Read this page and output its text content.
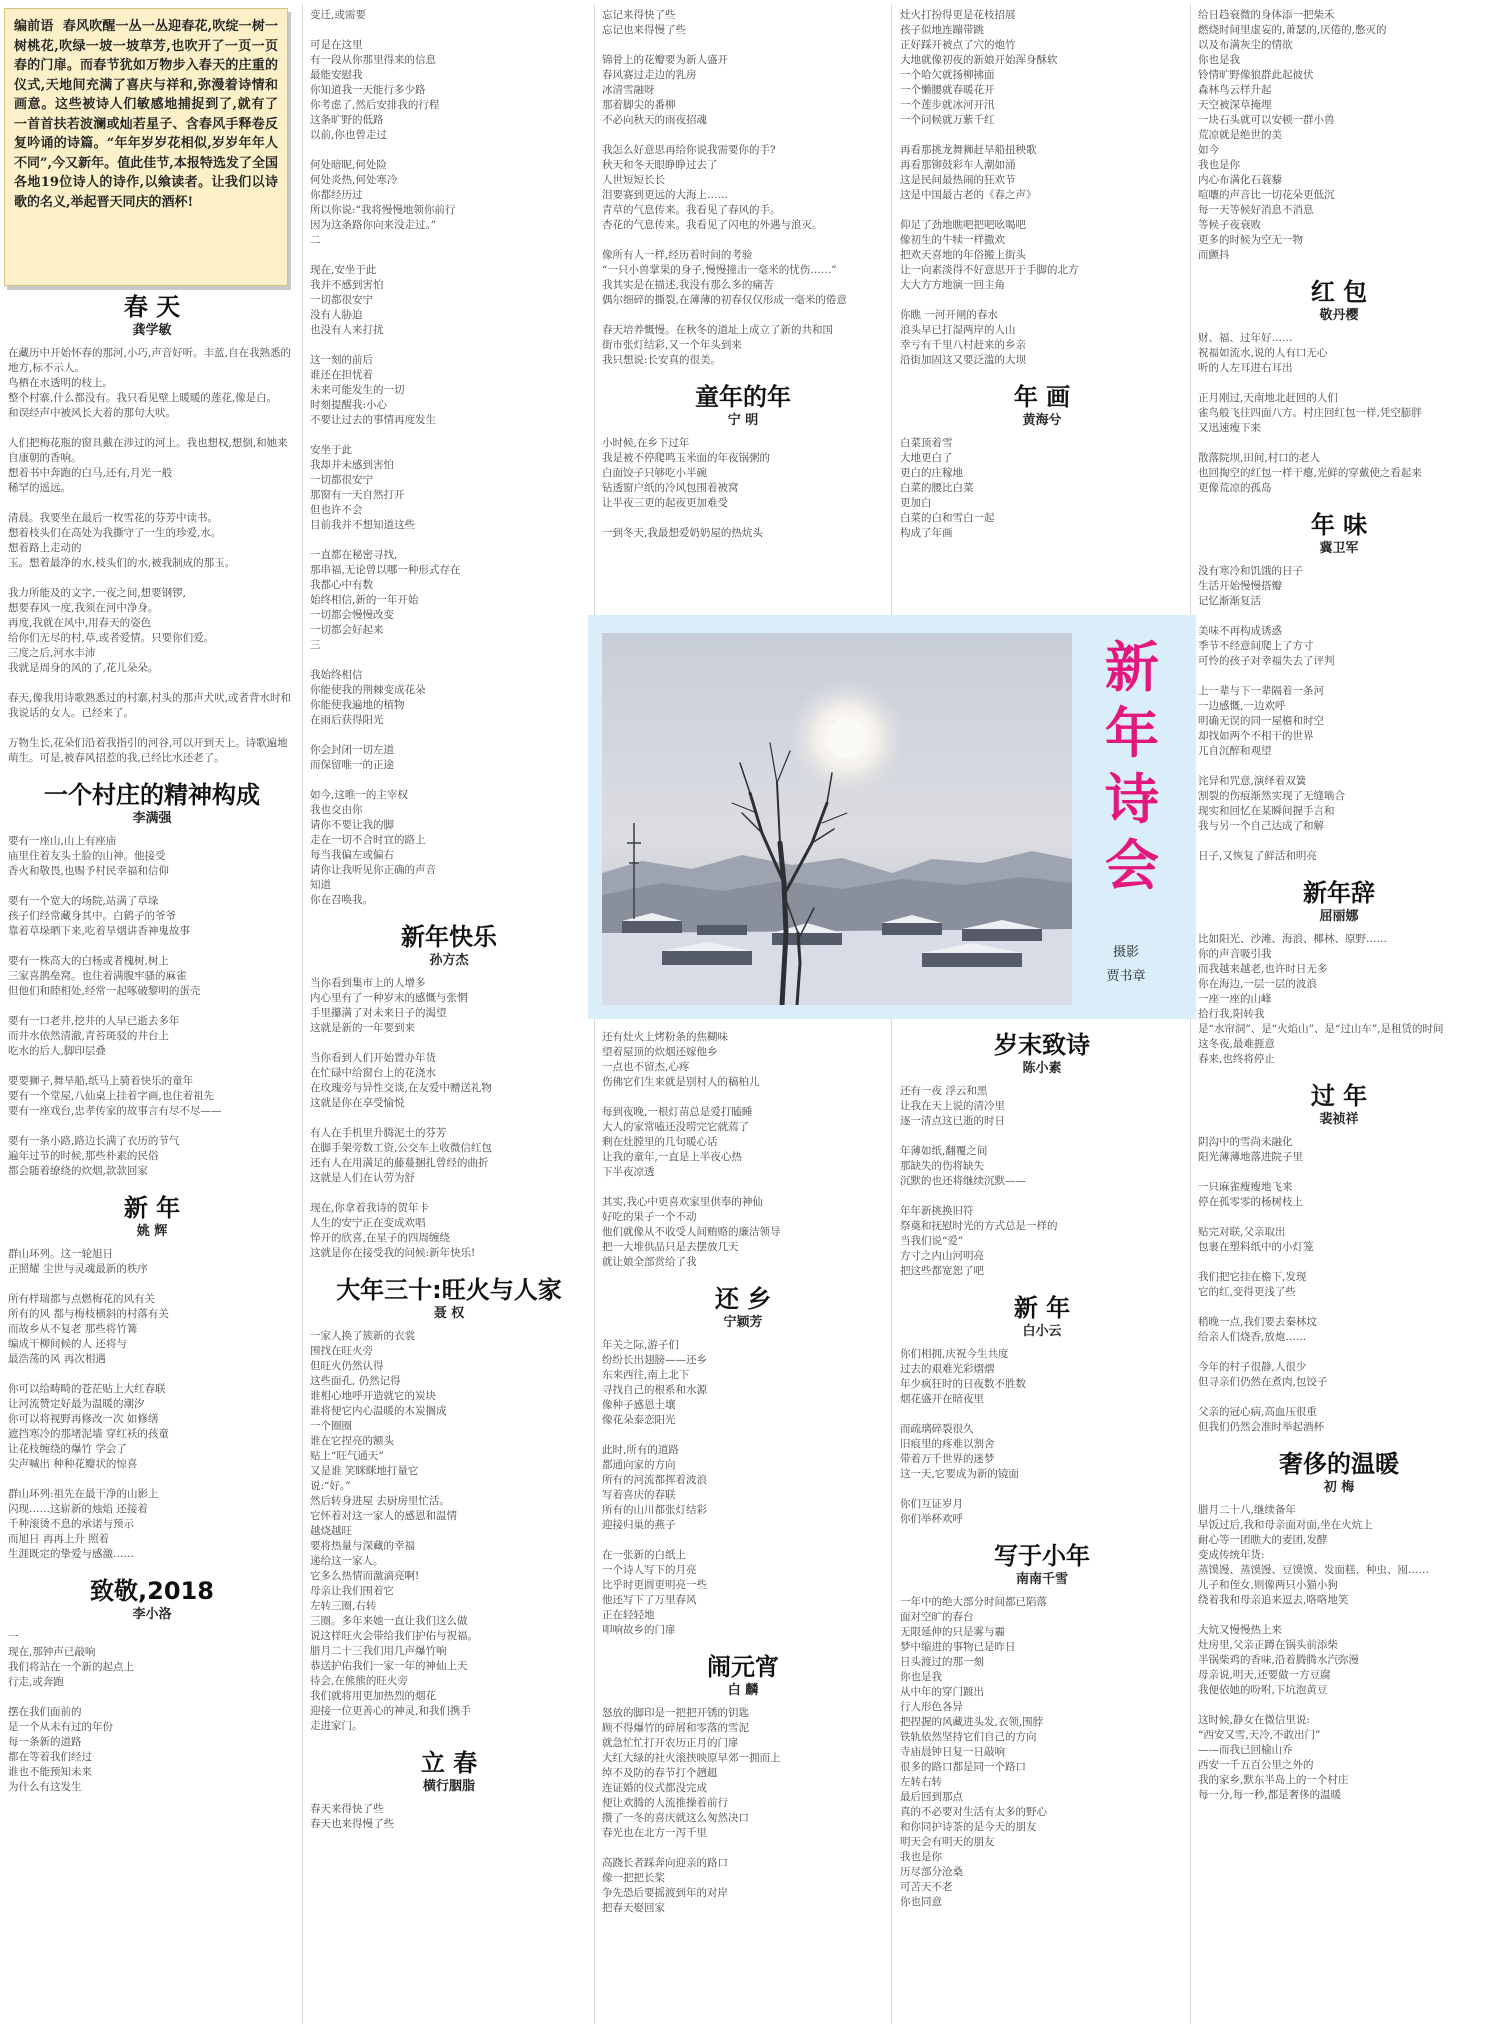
编前语 春风吹醒一丛一丛迎春花,吹绽一树一树桃花,吹绿一坡一坡草芳,也吹开了一页一页春的门扉。而春节犹如万物步入春天的庄重的仪式,天地间充满了喜庆与祥和,弥漫着诗情和画意。这些被诗人们敏感地捕捉到了,就有了一首首扶若波澜或灿若星子、含春风手释卷反复吟诵的诗篇。“年年岁岁花相似,岁岁年年人不同”,今又新年。值此佳节,本报特选发了全国各地19位诗人的诗作,以飨读者。让我们以诗歌的名义,举起晋天同庆的酒杯!
春 天
龚学敏

在藏历中开始怀春的那河,小巧,声音好听。丰蓝,自在我熟悉的地方,标不示人。
鸟栖在水透明的枝上。
整个村寨,什么都没有。我只看见壁上暖暖的莲花,像是白。
和误经声中被风长大着的那句大吠。

人们把梅花瓶的窗具戴在涉过的河上。我也想权,想倒,和她来自康朝的香响。
想着书中奔跑的白马,还有,月光一般
稀罕的遥远。

清晨。我要坐在最后一枚雪花的芬芳中读书。
想着枝头们在高处为我撕守了一生的珍爱,水。
想着路上走动的
玉。想着最净的水,枝头们的水,被我制成的那玉。

我力所能及的文字,一夜之间,想要钢锣,
想要春风一度,我须在河中净身。
再度,我就在风中,用春天的姿色
给你们无尽的村,草,或者爱情。只要你们爱。
三度之后,河水丰沛
我就是周身的风的了,花儿朵朵。

春天,像我用诗歌熟悉过的村寨,村头的那声犬吠,或者背水时和我说话的女人。已经来了。

万物生长,花朵们沿着我指引的河谷,可以开到天上。诗歌遍地萌生。可是,被春风招惹的我,已经比水还老了。

一个村庄的精神构成
李满强

要有一座山,山上有座庙
庙里住着友头土脸的山神。他接受
香火和敬畏,也赐予村民幸福和信仰

要有一个宽大的场院,站满了草垛
孩子们经常藏身其中。白鹤子的爷爷
靠着草垛晒下来,吃着旱烟讲香神鬼故事

要有一株高大的白杨或者槐树,树上
三家喜鹊垒窝。也住着满腹牢骚的麻雀
但他们和睦相处,经常一起啄破黎明的蛋壳

要有一口老井,挖井的人早已逝去多年
而井水依然清澈,青苔斑驳的井台上
吃水的后人,脚印层叠

要要狮子,舞旱船,纸马上骑着快乐的童年
要有一个堂屋,八仙桌上挂着字画,也住着祖先
要有一座戏台,忠孝传家的故事言有尽不尽——

要有一条小路,路边长满了衣历的节气
遍年过节的时候,那些朴素的民俗
都会随着缭绕的炊烟,款款回家

新 年
姚 辉

群山环列。这一轮旭日
正照耀 尘世与灵魂最新的秩序

所有样瑞都与点燃梅花的风有关
所有的风 都与梅枝横斜的村落有关
而故乡从不复老 那些将竹篝
编成干柳间候的人 还将与
最浩荡的风 再次相遇

你可以给畴畸的苍茫贴上大红春联
让河流赞定好最为温暖的潮汐
你可以将视野再修改一次 如修缮
遮挡寒冷的那堵泥墙 穿红袄的孩童
让花枝缠绕的爆竹 学会了
尖声喊出 种种花瓣状的惊喜

群山环列:祖先在最干净的山影上
闪现……这崭新的烛焰 还接着
千种滚烫不息的承诺与预示
而旭日 再再上升 照着
生涯既定的挚爱与感激……

致敬,2018
李小洛

一
现在,那钟声已敲响
我们将站在一个新的起点上
行走,或奔跑

摆在我们面前的
是一个从未有过的年份
每一条新的道路
都在等着我们经过
谁也不能预知未来
为什么有这发生

变迁,或需要

可是在这里
有一段从你那里得来的信息
最能安慰我
你知道我一天能行多少路
你考虑了,然后安排我的行程
这条旷野的低路
以前,你也曾走过

何处暗昵,何处险
何处炎热,何处寒冷
你都经历过
所以你说:“我将慢慢地领你前行
因为这条路你向来没走过。”
二

现在,安坐于此
我并不感到害怕
一切都很安宁
没有人胁迫
也没有人来打扰

这一刻的前后
谁还在担忧着
未来可能发生的一切
时刻提醒我:小心
不要让过去的事情再度发生

安坐于此
我却并未感到害怕
一切都很安宁
那窗有一天自然打开
但也许不会
目前我并不想知道这些

一直都在秘密寻找,
那串福,无论曾以哪一种形式存在
我都心中有数
始终相信,新的一年开始
一切都会慢慢改变
一切都会好起来
三

我始终相信
你能使我的荆棘变成花朵
你能使我遍地的植物
在雨后获得阳光

你会封闭一切左道
而保留唯一的正途

如今,这唯一的主宰权
我也交由你
请你不要让我的脚
走在一切不合时宜的路上
每当我偏左或偏右
请你让我听见你正确的声音
知道
你在召唤我。

新年快乐
孙方杰

当你看到集市上的人增多
内心里有了一种岁末的感慨与张惘
手里攥满了对未来日子的渴望
这就是新的一年要到来

当你看到人们开始置办年货
在忙碌中给窗台上的花浇水
在玫瑰旁与异性交谈,在友爱中赠送礼物
这就是你在享受愉悦

有人在手机里升腾泥土的芬芳
在脚手架旁数工资,公交车上收微信红包
还有人在用满足的藤蔓捆扎曾经的曲折
这就是人们在认劳为舒

现在,你拿着我诗的贺年卡
人生的安宁正在变成欢唱
悴开的欣喜,在星子的四周缠绕
这就是你在接受我的问候:新年快乐!

大年三十:旺火与人家
聂 权

一家人换了簇新的衣裳
围找在旺火旁
但旺火仍然认得
这些面孔, 仍然记得
谁相心地呼开造就它的炭块
谁将便它内心温暖的木炭搁成
一个圈圈
谁在它捏亮的额头
贴上“旺气通天”
又是谁 笑眯眯地打量它
说:“好。”
然后转身进屋 去厨房里忙活。
它怀着对这一家人的感恩和温情
越烧越旺
要将热量与深藏的幸福
递给这一家人。
它多么热情而激滴亮啊!
母亲让我们围着它
左转三圈,右转
三圈。多年来她一直让我们这么做
说这样旺火会带给我们护佑与祝福。
腊月二十三我们用几声爆竹响
恭送护佑我们一家一年的神仙上天
待会,在熊熊的旺火旁
我们就将用更加热烈的烟花
迎接一位更善心的神灵,和我们携手
走进家门。

立 春
横行胭脂

春天来得快了些
春天也来得慢了些

忘记来得快了些
忘记也来得慢了些

锦骨上的花瓣要为新人盛开
春风赛过走边的乳房
冰清雪融呀
那着脚尖的番柳
不必向秋天的雨夜招魂

我怎么好意思再给你说我需要你的手?
秋天和冬天眼睁睁过去了
人世短短长长
泪要赛到更远的大海上……
青草的气息传来。我看见了春风的手。
杏花的气息传来。我看见了闪电的外遇与浪灭。

像所有人一样,经历着时间的考验
“一只小兽掌果的身子,慢慢撞击一毫米的忧伤……”
我其实是在描述,我没有那么多的痛苦
偶尔细碎的撕裂,在薄薄的初春仅仅形成一毫米的倦意

春天培养慨慢。在秋冬的道址上成立了新的共和国
街市张灯结彩,又一个年头到来
我只想说:长安真的很美。

童年的年
宁 明

小时候,在乡下过年
我是被不停爬鸣玉米面的年夜锅粥的
白面饺子只够吃小半碗
钻透窗户纸的冷风包围着被窝
让半夜三更的起夜更加难受

一到冬天,我最想爱奶奶屋的热炕头

灶火打扮得更是花枝招展
孩子似地连蹦带跳
正好踩开被点了穴的炮竹
大地就像初夜的新娘开始浑身酥软
一个哈欠就扬柳拂面
一个懒腰就春暖花开
一个莲步就冰河开汛
一个问候就万紫千红

再看那挑龙舞狮赶旱船扭秧歌
再看那铆鼓彩车人潮如涌
这是民间最热闹的狂欢节
这是中国最古老的《春之声》

仰足了劲地瞧吧把吧吆喝吧
像初生的牛犊一样撒欢
把欢天喜地的年俗搬上街头
让一向素淡得不好意思开于手脚的北方
大大方方地演一回主角

你瞧 一河开闸的春水
浪头早已打湿两岸的人山
幸亏有千里八村赶来的乡亲
沿街加固这又要泛滥的大坝

年 画
黄海兮

白菜顶着雪
大地更白了
更白的庄稼地
白菜的腰比白菜
更加白
白菜的白和雪白一起
构成了年画

给日趋衰微的身体添一把柴禾
燃烧时间里虚妄的,萧瑟的,厌倦的,憋灭的
以及布满灰尘的情欲
你也是我
铃情旷野像狼群此起彼伏
森林鸟云样升起
天空被深草掩埋
一块石头就可以安顿一群小兽
荒凉就是绝世的美
如今
我也是你
内心布满化石蓑藜
喧嚷的声音比一切花朵更低沉
每一天等候好消息不消息
等候子夜衰败
更多的时候为空无一物
而颤抖

红 包
敬丹樱

财、福、过年好……
祝福如流水,说的人有口无心
听的人左耳进右耳出

正月刚过,天南地北赶回的人们
雀鸟般飞往四面八方。村庄回红包一样,凭空膨胖
又迅速瘦下来

散落院坝,田间,村口的老人
也回掏空的红包一样干瘪,光鲜的穿戴使之看起来
更像荒凉的孤岛

年 味
冀卫军

没有寒冷和饥饿的日子
生活开始慢慢搭瓣
记忆渐渐复活

美味不再构成诱惑
季节不经意间爬上了方寸
可怜的孩子对幸福失去了评判

上一辈与下一辈隔着一条河
一边感慨,一边欢呼
明确无误的同一屋檐和时空
却找如两个不相干的世界
兀自沉醉和观望

诧异和咒意,演绎着双簧
割裂的伤痕渐然实现了无缝啮合
现实和回忆在某瞬间握手言和
我与另一个自己达成了和解

日子,又恢复了鲜活和明亮

新年辞
屈丽娜

比如阳光、沙滩、海浪、椰林、原野……
你的声音吸引我
而我越来越老,也许时日无多
你在海边,一层一层的波浪
一座一座的山峰
拾行我,阳转我
是“水帘洞”、是“火焰山”、是“过山车”,是租赁的时间
这冬夜,最难捱意
春来,也终将停止

过 年
裴祯祥

阴沟中的雪尚未融化
阳光薄薄地落进院子里

一只麻雀瘦瘦地飞来
停在孤零零的杨树枝上

贴完对联,父亲取出
包裹在塑料纸中的小灯笼

我们把它挂在檐下,发现
它的红,变得更浅了些

稍晚一点,我们要去秦林坟
给亲人们烧香,放炮……

今年的村子很静,人很少
但寻亲们仍然在煮肉,包饺子

父亲的冠心病,高血压很重
但我们仍然会准时举起酒杯

奢侈的温暖
初 梅

腊月二十八,继续备年
早饭过后,我和母亲面对面,坐在火炕上
耐心等一团瞧大的麦团,发酵
变成传统年货:
蒸馍馒、蒸馍馒、豆馍馍、发面糕、种虫、囤……
儿子和侄女,则像两只小猫小狗
绕着我和母亲追来逗去,咯咯地笑

大炕又慢慢热上来
灶房里,父亲正蹲在锅头前添柴
半锅柴鸡的香味,沿着腾腾水汽弥漫
母亲说,明天,还要做一方豆腐
我便依她的吩咐,下坑泡黄豆

这时候,静女在微信里说:
“西安又雪,天冷,不敢出门”
——而我已回榆山乔
西安一千五百公里之外的
我的家乡,默东半岛上的一个村庄
每一分,每一秒,都是奢侈的温暖

还有灶火上烤粉条的焦糊味
望着屋顶的炊烟还嫁他乡
一点也不留杰,心疼
伤佛它们生来就是别村人的稿柏儿

每到夜晚,一根灯苗总是爱打瞌睡
大人的家常嗑还没唠完它就蔫了
剩在灶膛里的几句暖心话
让我的童年,一直是上半夜心热
下半夜凉透

其实,我心中更喜欢家里供奉的神仙
好吃的果子一个不动
他们就像从不收受人间贿赂的廉洁领导
把一大堆供品只是去摆放几天
就让娘全部赏给了我

还 乡
宁颖芳

年关之际,游子们
纷纷长出翅膀——还乡
东来西往,南上北下
寻找自己的根系和水源
像种子感恩土壤
像花朵泰恋阳光

此时,所有的道路
都通向家的方向
所有的河流都挥着波浪
写着喜庆的春联
所有的山川都张灯结彩
迎接归巢的燕子

在一张新的白纸上
一个诗人写下的月亮
比乎时更圆更明亮一些
他还写下了万里春风
正在轻轻地
叩响故乡的门扉

闹元宵
白 麟

怒放的脚印是一把把开锈的钥匙
顾不得爆竹的碎屑和零落的雪泥
就急忙忙打开农历正月的门扉
大红大绿的社火滚挟映原早郊一拥而上
绰不及防的春节打个趔趄
连证婚的仪式都没完成
便让欢腾的人流推操着前行
攒了一冬的喜庆就这么匆然决口
春光也在北方一泻千里

高跷长者踩奔向迎亲的路口
像一把把长桨
争先恐后要摇渡到年的对岸
把春天娶回家

岁末致诗
陈小素

还有一夜 浮云和黑
让我在天上说的清冷里
逐一清点这已逝的时日

年薄如纸,翻覆之间
那缺失的伤将缺失
沉默的也还将继续沉默——

年年新挑换旧符
祭奠和抚慰时光的方式总是一样的
当我们说“爱”
方寸之内山河明亮
把这些都宽恕了吧

新 年
白小云

你们相拥,庆祝今生共度
过去的艰难光彩熠熠
年少疯狂时的日夜数不胜数
烟花盛开在暗夜里

而疏璃碎裂很久
旧痕里的疼难以割舍
带着万千世界的迷梦
这一天,它要成为新的镜面

你们互证岁月
你们举杯欢呼

写于小年
南南千雪

一年中的绝大部分时间都已陷落
面对空旷的春台
无限延伸的只是雾与霾
梦中缩进的事物已是昨日
日头渡过的那一刻
你也是我
从中年的穿门踱出
行人形色各异
把捏握的风藏进头发,衣领,围脖
铁轨依然坚持它们自己的方向
寺庙晨钟日复一日敲响
很多的路口都是同一个路口
左转右转
最后回到那点
真的不必要对生活有太多的野心
和你同护诗茶的是今天的朋友
明天会有明天的朋友
我也是你
历尽部分沧桑
可苦天不老
你也同意

新
年
诗
会
摄影
贾书章
